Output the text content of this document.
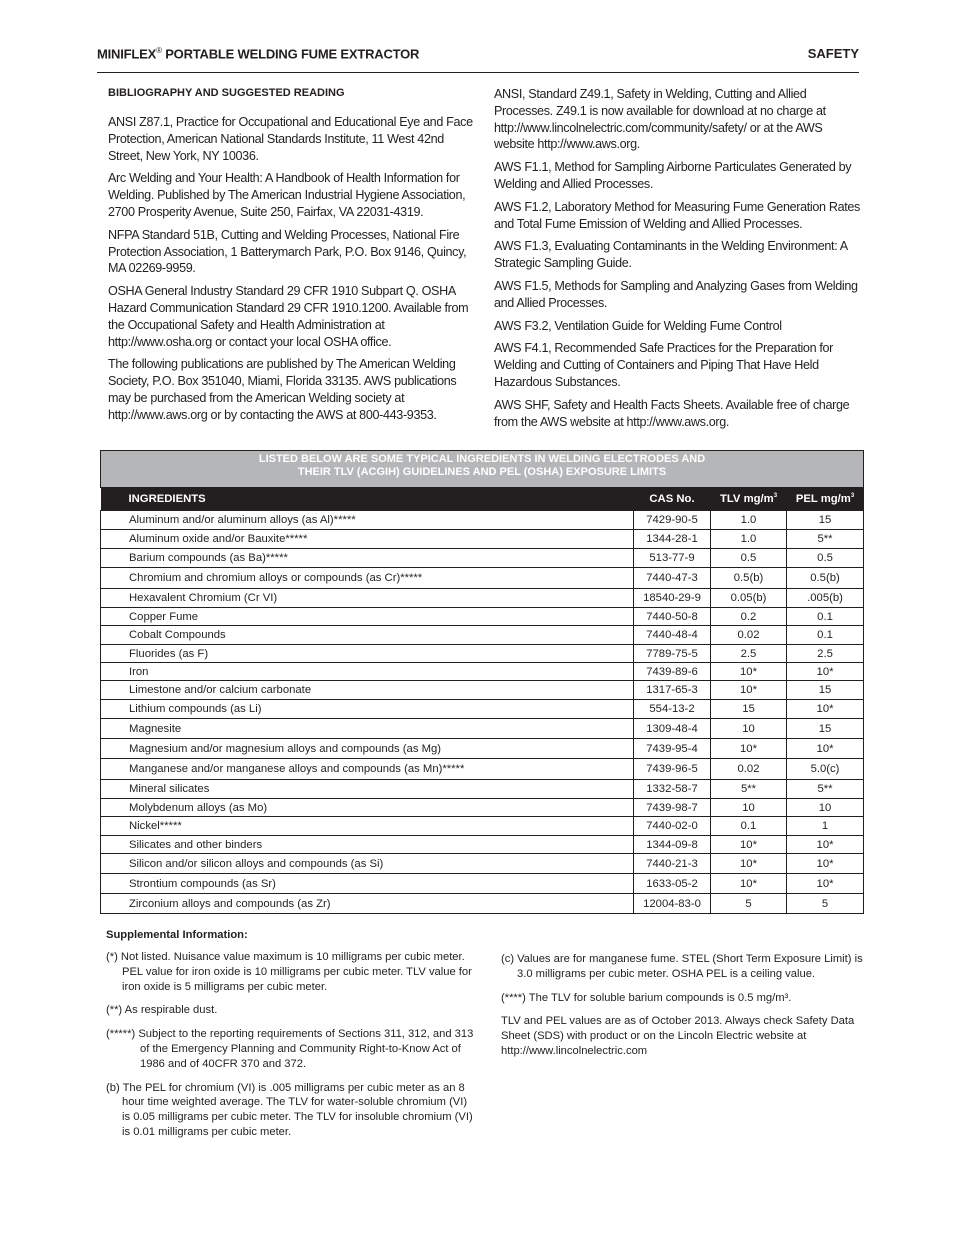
MINIFLEX® PORTABLE WELDING FUME EXTRACTOR	SAFETY
BIBLIOGRAPHY AND SUGGESTED READING

ANSI Z87.1, Practice for Occupational and Educational Eye and Face Protection, American National Standards Institute, 11 West 42nd Street, New York, NY 10036.

Arc Welding and Your Health: A Handbook of Health Information for Welding. Published by The American Industrial Hygiene Association, 2700 Prosperity Avenue, Suite 250, Fairfax, VA 22031-4319.

NFPA Standard 51B, Cutting and Welding Processes, National Fire Protection Association, 1 Batterymarch Park, P.O. Box 9146, Quincy, MA 02269-9959.

OSHA General Industry Standard 29 CFR 1910 Subpart Q. OSHA Hazard Communication Standard 29 CFR 1910.1200. Available from the Occupational Safety and Health Administration at http://www.osha.org or contact your local OSHA office.

The following publications are published by The American Welding Society, P.O. Box 351040, Miami, Florida 33135. AWS publications may be purchased from the American Welding society at http://www.aws.org or by contacting the AWS at 800-443-9353.

ANSI, Standard Z49.1, Safety in Welding, Cutting and Allied Processes. Z49.1 is now available for download at no charge at http://www.lincolnelectric.com/community/safety/ or at the AWS website http://www.aws.org.

AWS F1.1, Method for Sampling Airborne Particulates Generated by Welding and Allied Processes.

AWS F1.2, Laboratory Method for Measuring Fume Generation Rates and Total Fume Emission of Welding and Allied Processes.

AWS F1.3, Evaluating Contaminants in the Welding Environment: A Strategic Sampling Guide.

AWS F1.5, Methods for Sampling and Analyzing Gases from Welding and Allied Processes.

AWS F3.2, Ventilation Guide for Welding Fume Control

AWS F4.1, Recommended Safe Practices for the Preparation for Welding and Cutting of Containers and Piping That Have Held Hazardous Substances.

AWS SHF, Safety and Health Facts Sheets. Available free of charge from the AWS website at http://www.aws.org.

LISTED BELOW ARE SOME TYPICAL INGREDIENTS IN WELDING ELECTRODES AND
THEIR TLV (ACGIH) GUIDELINES AND PEL (OSHA) EXPOSURE LIMITS			

INGREDIENTS	CAS No.	TLV $mg/m^3$	PEL $mg/m^3$
Aluminum and/or aluminum alloys (as Al)*****	7429-90-5	1.0	15
Aluminum oxide and/or Bauxite*****	1344-28-1	1.0	5**
Barium compounds (as Ba)*****	513-77-9	0.5	0.5
Chromium and chromium alloys or compounds (as Cr)*****	7440-47-3	0.5(b)	0.5(b)
Hexavalent Chromium (Cr VI)	18540-29-9	0.05(b)	.005(b)
Copper Fume	7440-50-8	0.2	0.1
Cobalt Compounds	7440-48-4	0.02	0.1
Fluorides (as F)	7789-75-5	2.5	2.5
Iron	7439-89-6	10*	10*
Limestone and/or calcium carbonate	1317-65-3	10*	15
Lithium compounds (as Li)	554-13-2	15	10*
Magnesite	1309-48-4	10	15
Magnesium and/or magnesium alloys and compounds (as Mg)	7439-95-4	10*	10*
Manganese and/or manganese alloys and compounds (as Mn)*****	7439-96-5	0.02	5.0(c)
Mineral silicates	1332-58-7	5**	5**
Molybdenum alloys (as Mo)	7439-98-7	10	10
Nickel*****	7440-02-0	0.1	1
Silicates and other binders	1344-09-8	10*	10*
Silicon and/or silicon alloys and compounds (as Si)	7440-21-3	10*	10*
Strontium compounds (as Sr)	1633-05-2	10*	10*
Zirconium alloys and compounds (as Zr)	12004-83-0	5	5
Supplemental Information:

(*) Not listed. Nuisance value maximum is 10 milligrams per cubic meter. PEL value for iron oxide is 10 milligrams per cubic meter. TLV value for iron oxide is 5 milligrams per cubic meter.

(**) As respirable dust.

(*****) Subject to the reporting requirements of Sections 311, 312, and 313 of the Emergency Planning and Community Right-to-Know Act of 1986 and of 40CFR 370 and 372.

(b) The PEL for chromium (VI) is .005 milligrams per cubic meter as an 8 hour time weighted average. The TLV for water-soluble chromium (VI) is 0.05 milligrams per cubic meter. The TLV for insoluble chromium (VI) is 0.01 milligrams per cubic meter.

(c) Values are for manganese fume. STEL (Short Term Exposure Limit) is 3.0 milligrams per cubic meter. OSHA PEL is a ceiling value.

(****) The TLV for soluble barium compounds is 0.5 mg/m³.

TLV and PEL values are as of October 2013. Always check Safety Data Sheet (SDS) with product or on the Lincoln Electric website at http://www.lincolnelectric.com
